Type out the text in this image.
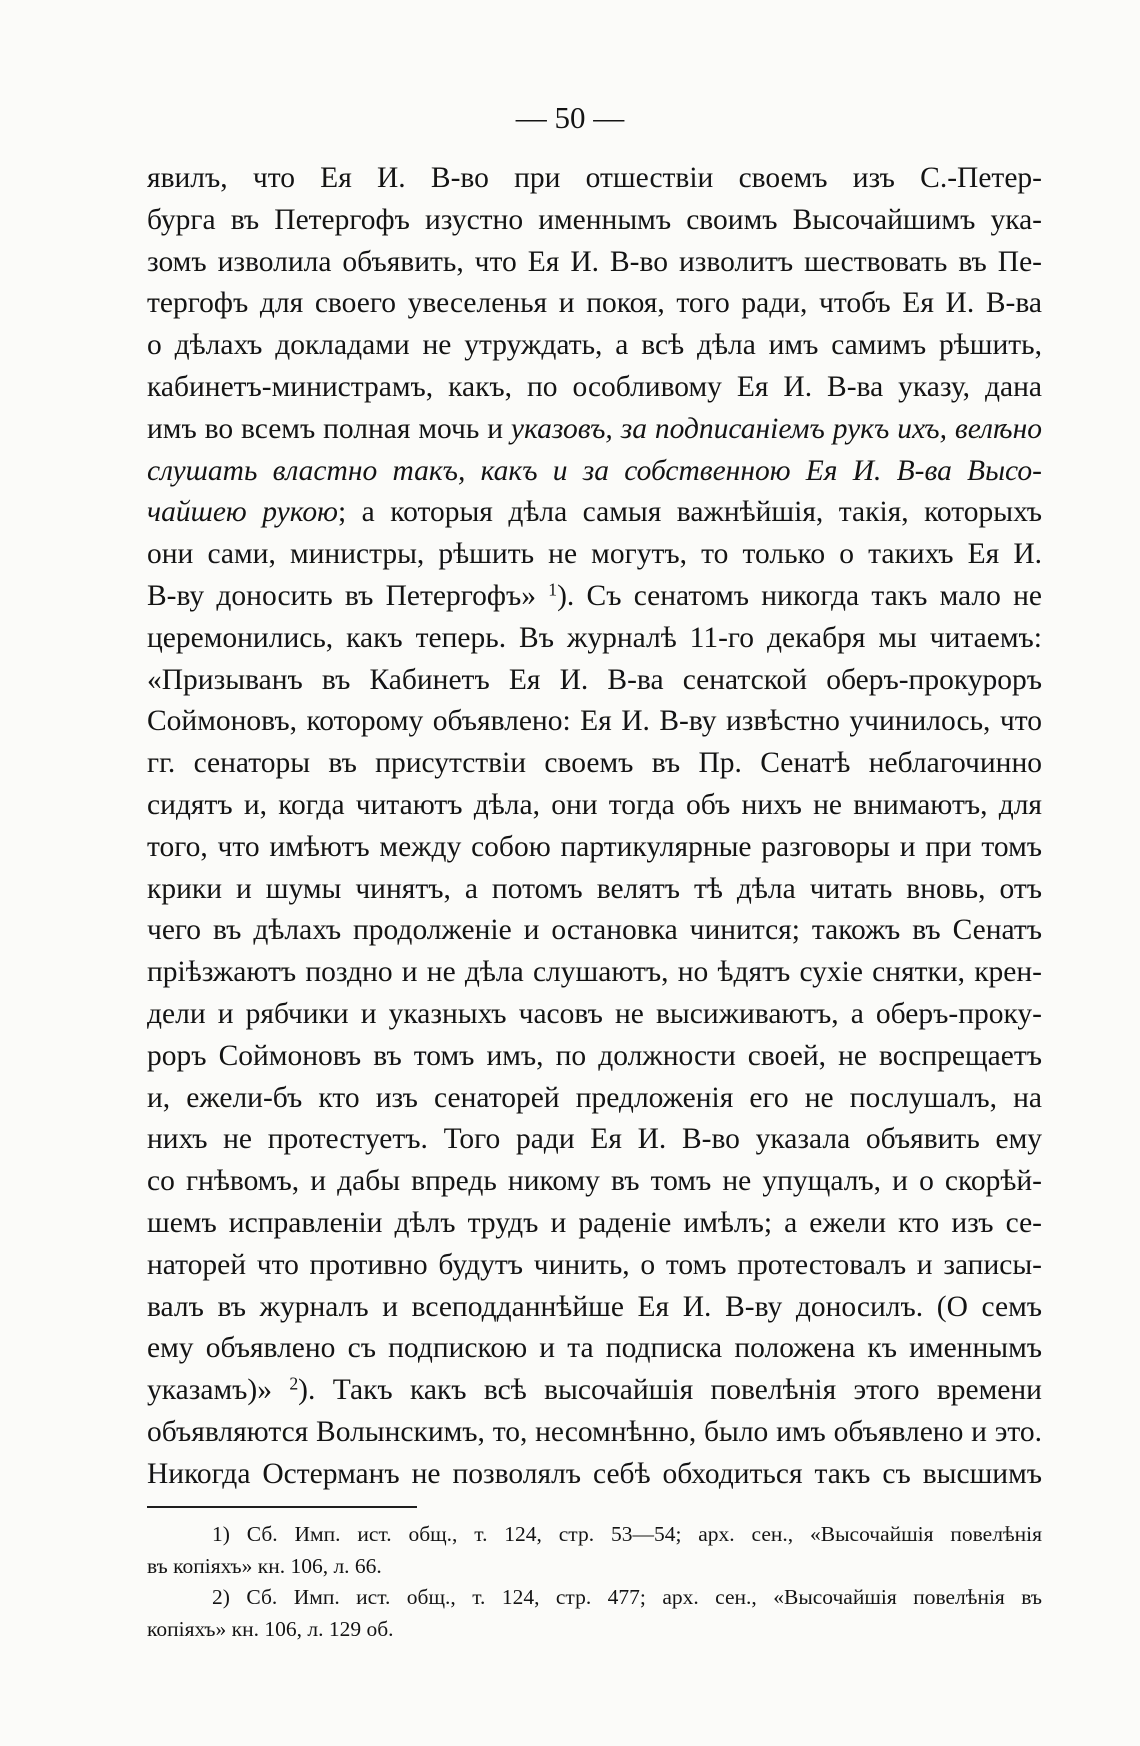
— 50 —
явилъ, что Ея И. В-во при отшествіи своемъ изъ С.-Петер-
бурга въ Петергофъ изустно именнымъ своимъ Высочайшимъ ука-
зомъ изволила объявить, что Ея И. В-во изволитъ шествовать въ Пе-
тергофъ для своего увеселенья и покоя, того ради, чтобъ Ея И. В-ва
о дѣлахъ докладами не утруждать, а всѣ дѣла имъ самимъ рѣшить,
кабинетъ-министрамъ, какъ, по особливому Ея И. В-ва указу, дана
имъ во всемъ полная мочь и указовъ, за подписаніемъ рукъ ихъ, велѣно
слушать властно такъ, какъ и за собственною Ея И. В-ва Высо-
чайшею рукою; а которыя дѣла самыя важнѣйшія, такія, которыхъ
они сами, министры, рѣшить не могутъ, то только о такихъ Ея И.
В-ву доносить въ Петергофъ» $^1$). Съ сенатомъ никогда такъ мало не
церемонились, какъ теперь. Въ журналѣ 11-го декабря мы читаемъ:
«Призыванъ въ Кабинетъ Ея И. В-ва сенатской оберъ-прокуроръ
Соймоновъ, которому объявлено: Ея И. В-ву извѣстно учинилось, что
гг. сенаторы въ присутствіи своемъ въ Пр. Сенатѣ неблагочинно
сидятъ и, когда читаютъ дѣла, они тогда объ нихъ не внимаютъ, для
того, что имѣютъ между собою партикулярные разговоры и при томъ
крики и шумы чинятъ, а потомъ велятъ тѣ дѣла читать вновь, отъ
чего въ дѣлахъ продолженіе и остановка чинится; такожъ въ Сенатъ
пріѣзжаютъ поздно и не дѣла слушаютъ, но ѣдятъ сухіе снятки, крен-
дели и рябчики и указныхъ часовъ не высиживаютъ, а оберъ-проку-
роръ Соймоновъ въ томъ имъ, по должности своей, не воспрещаетъ
и, ежели-бъ кто изъ сенаторей предложенія его не послушалъ, на
нихъ не протестуетъ. Того ради Ея И. В-во указала объявить ему
со гнѣвомъ, и дабы впредь никому въ томъ не упущалъ, и о скорѣй-
шемъ исправленіи дѣлъ трудъ и раденіе имѣлъ; а ежели кто изъ се-
наторей что противно будутъ чинить, о томъ протестовалъ и записы-
валъ въ журналъ и всеподданнѣйше Ея И. В-ву доносилъ. (О семъ
ему объявлено съ подпискою и та подписка положена къ именнымъ
указамъ)» $^2$). Такъ какъ всѣ высочайшія повелѣнія этого времени
объявляются Волынскимъ, то, несомнѣнно, было имъ объявлено и это.
Никогда Остерманъ не позволялъ себѣ обходиться такъ съ высшимъ
1) Сб. Имп. ист. общ., т. 124, стр. 53—54; арх. сен., «Высочайшія повелѣнія
въ копіяхъ» кн. 106, л. 66.
2) Сб. Имп. ист. общ., т. 124, стр. 477; арх. сен., «Высочайшія повелѣнія въ
копіяхъ» кн. 106, л. 129 об.
